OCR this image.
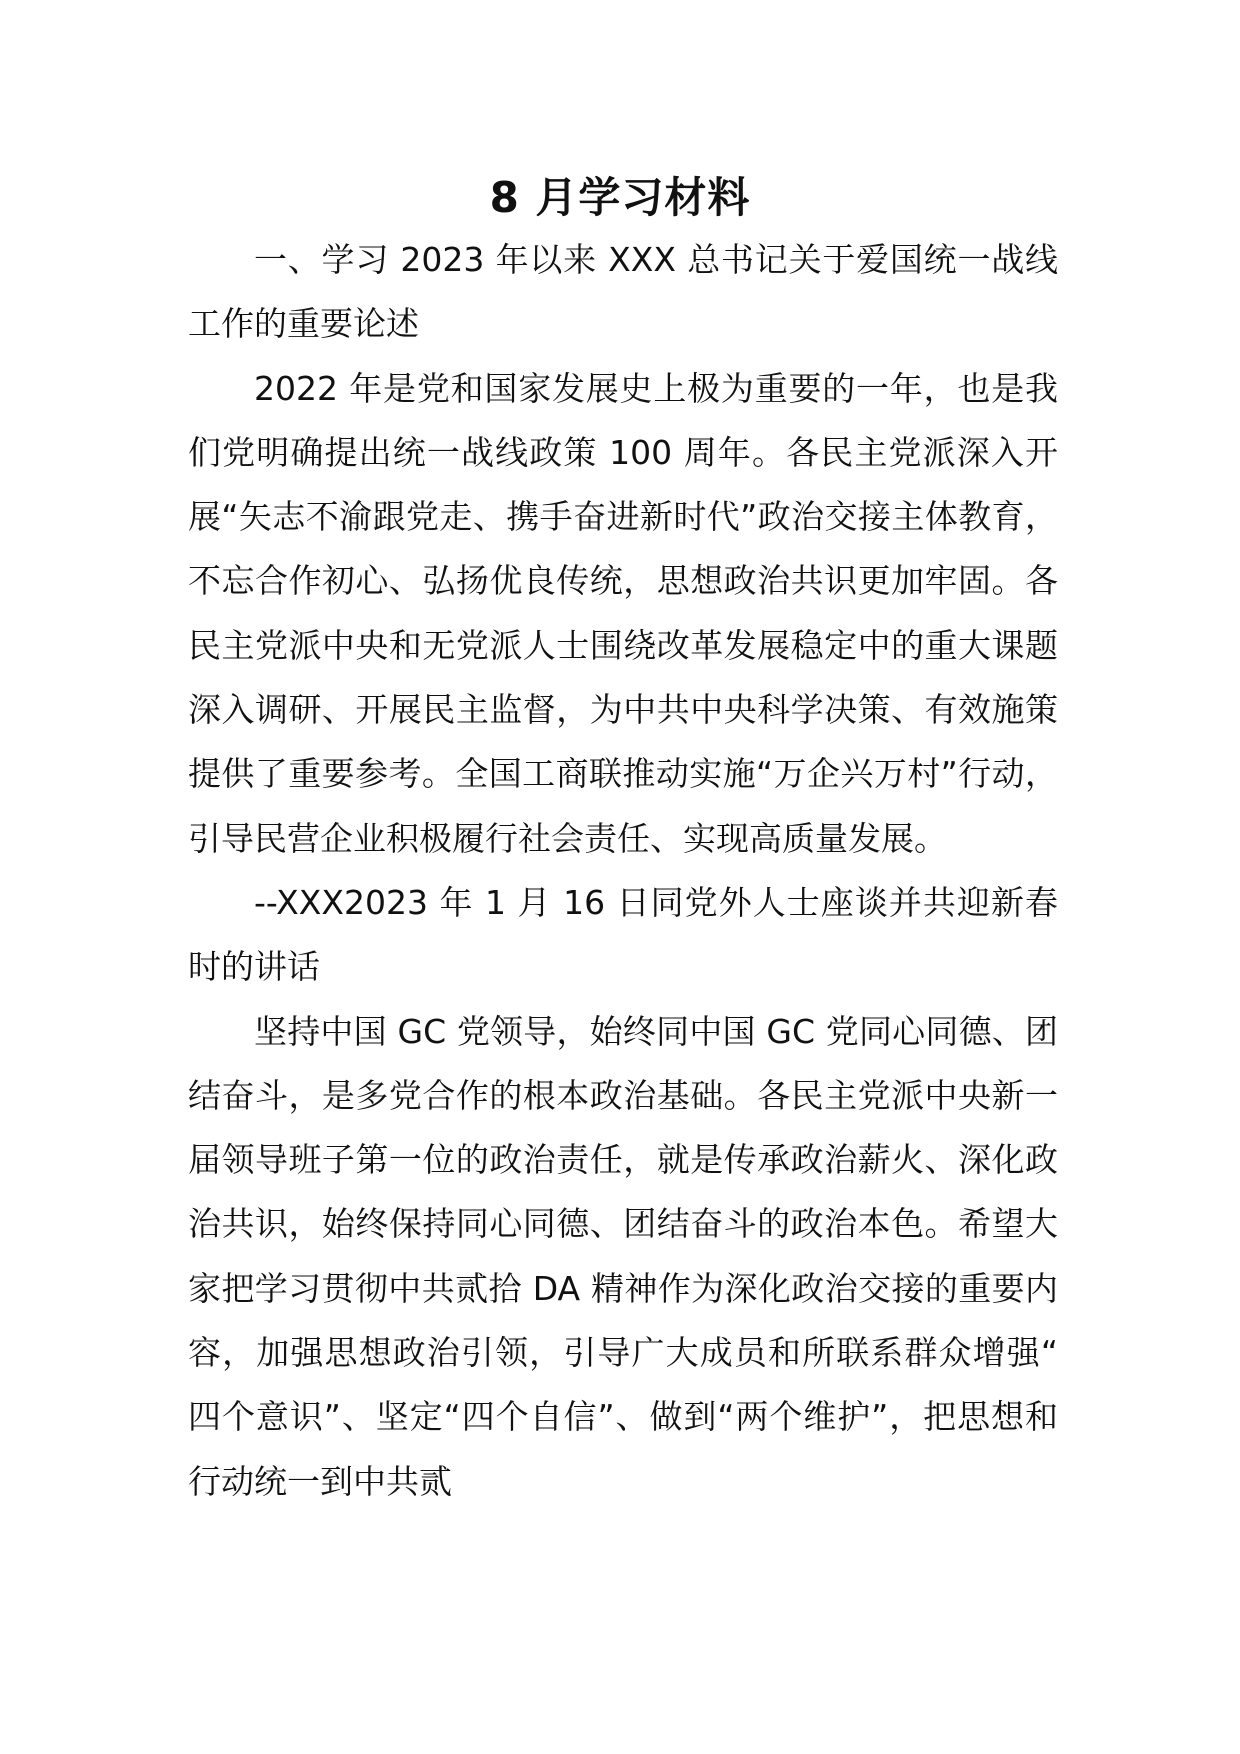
8 月学习材料

一、学习 2023 年以来 XXX 总书记关于爱国统一战线工作的重要论述

2022 年是党和国家发展史上极为重要的一年，也是我们党明确提出统一战线政策 100 周年。各民主党派深入开展“矢志不渝跟党走、携手奋进新时代”政治交接主体教育，不忘合作初心、弘扬优良传统，思想政治共识更加牢固。各民主党派中央和无党派人士围绕改革发展稳定中的重大课题深入调研、开展民主监督，为中共中央科学决策、有效施策提供了重要参考。全国工商联推动实施“万企兴万村”行动，引导民营企业积极履行社会责任、实现高质量发展。

--XXX2023 年 1 月 16 日同党外人士座谈并共迎新春时的讲话

坚持中国 GC 党领导，始终同中国 GC 党同心同德、团结奋斗，是多党合作的根本政治基础。各民主党派中央新一届领导班子第一位的政治责任，就是传承政治薪火、深化政治共识，始终保持同心同德、团结奋斗的政治本色。希望大家把学习贯彻中共贰拾 DA 精神作为深化政治交接的重要内容，加强思想政治引领，引导广大成员和所联系群众增强“四个意识”、坚定“四个自信”、做到“两个维护”，把思想和行动统一到中共贰
